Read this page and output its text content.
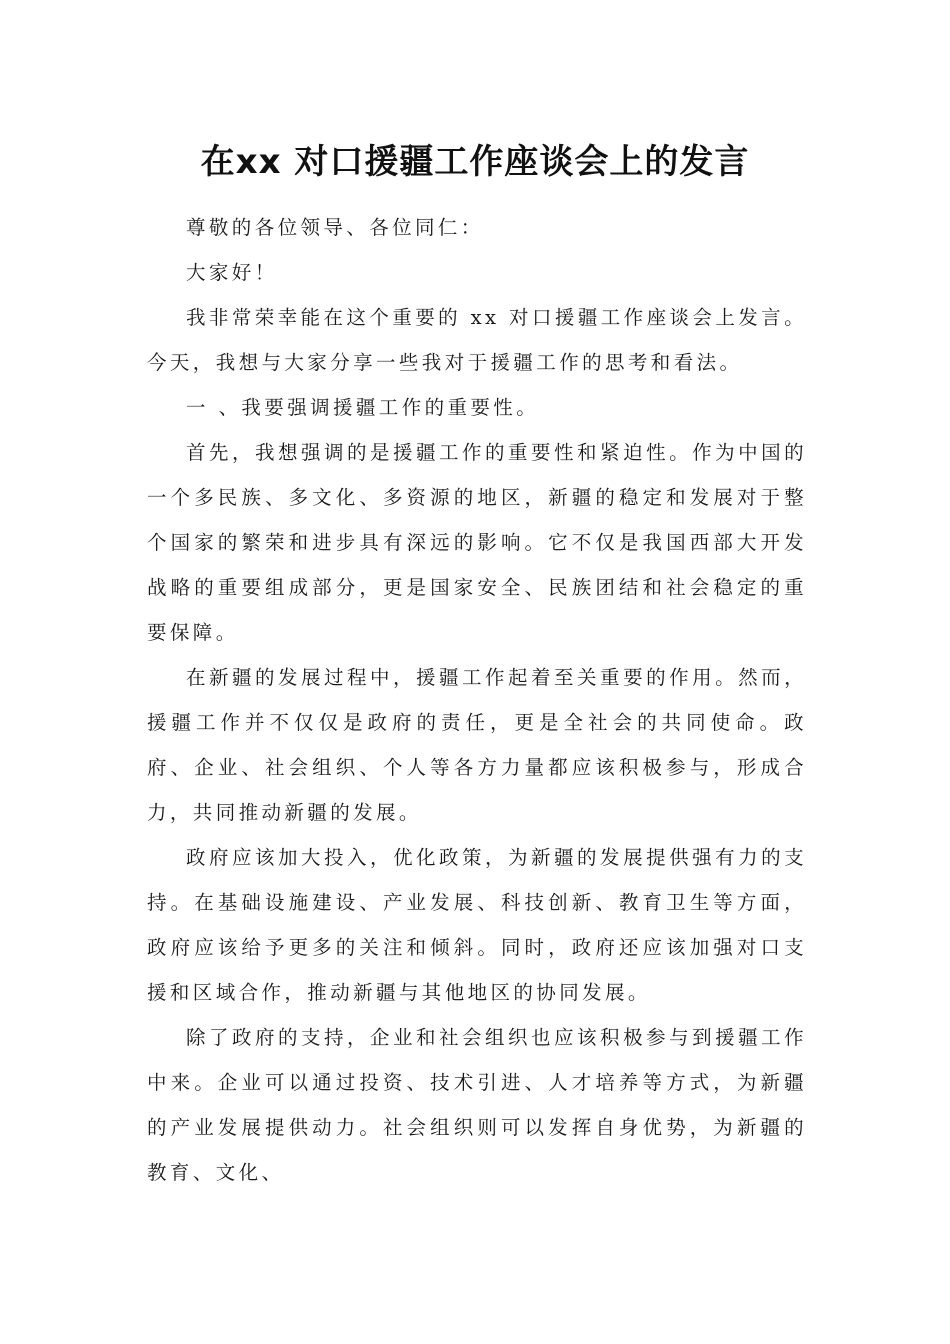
在xx 对口援疆工作座谈会上的发言

尊敬的各位领导、各位同仁：

大家好！

我非常荣幸能在这个重要的 xx 对口援疆工作座谈会上发言。今天，我想与大家分享一些我对于援疆工作的思考和看法。

一 、我要强调援疆工作的重要性。

首先，我想强调的是援疆工作的重要性和紧迫性。作为中国的一个多民族、多文化、多资源的地区，新疆的稳定和发展对于整个国家的繁荣和进步具有深远的影响。它不仅是我国西部大开发战略的重要组成部分，更是国家安全、民族团结和社会稳定的重要保障。

在新疆的发展过程中，援疆工作起着至关重要的作用。然而，援疆工作并不仅仅是政府的责任，更是全社会的共同使命。政府、企业、社会组织、个人等各方力量都应该积极参与，形成合力，共同推动新疆的发展。

政府应该加大投入，优化政策，为新疆的发展提供强有力的支持。在基础设施建设、产业发展、科技创新、教育卫生等方面，政府应该给予更多的关注和倾斜。同时，政府还应该加强对口支援和区域合作，推动新疆与其他地区的协同发展。

除了政府的支持，企业和社会组织也应该积极参与到援疆工作中来。企业可以通过投资、技术引进、人才培养等方式，为新疆的产业发展提供动力。社会组织则可以发挥自身优势，为新疆的教育、文化、
